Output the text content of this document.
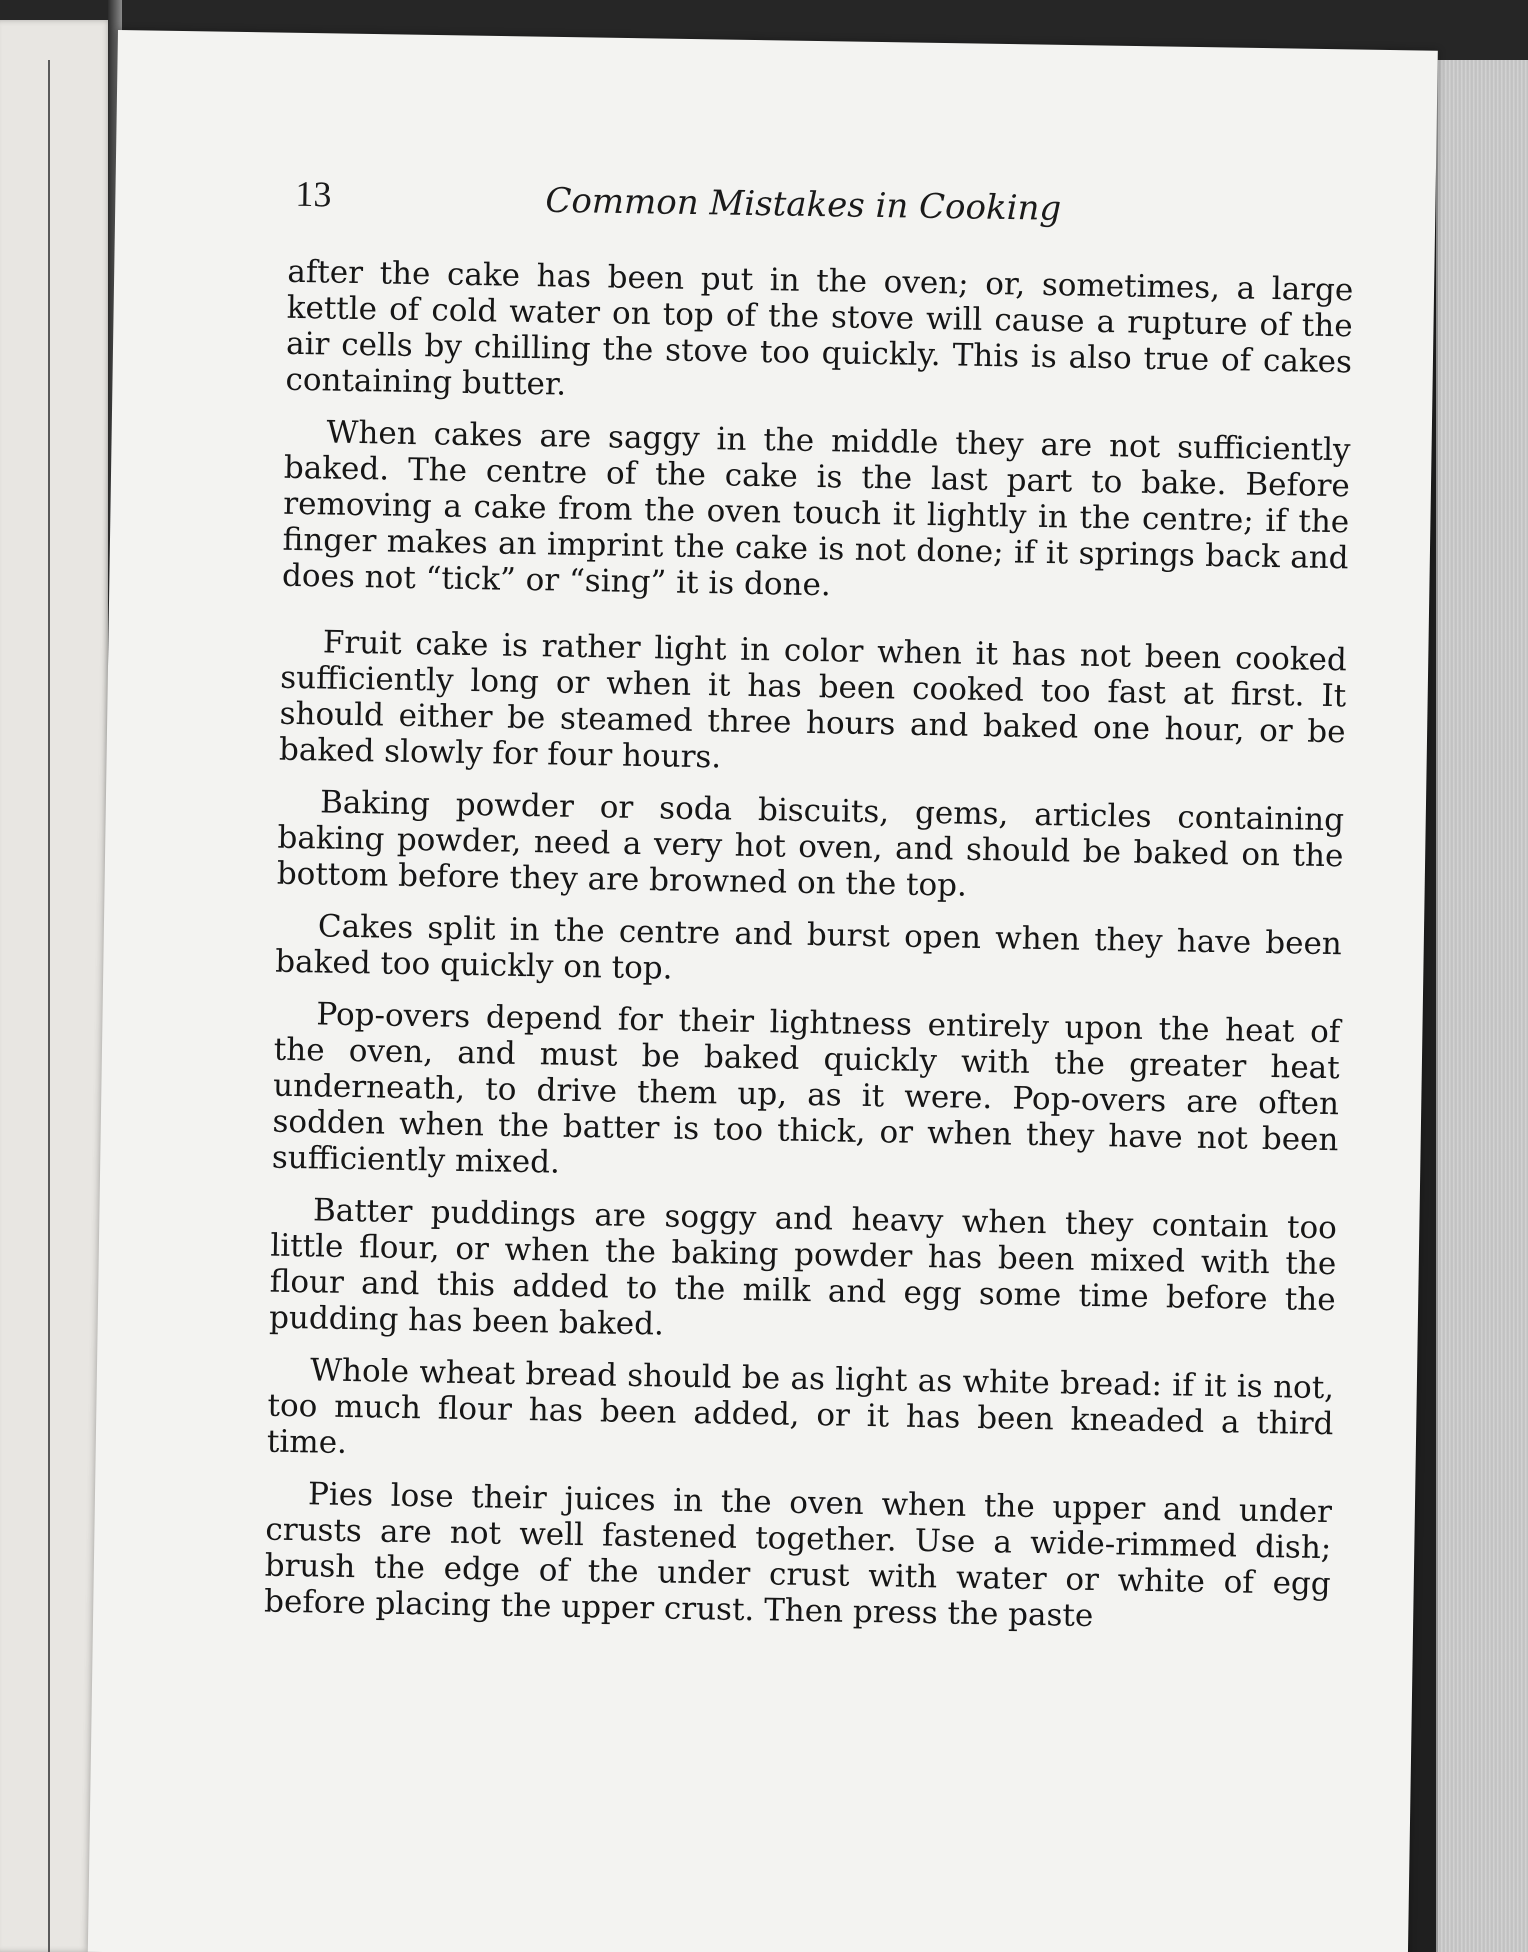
13	Common Mistakes in Cooking

after the cake has been put in the oven; or, sometimes, a large kettle of cold water on top of the stove will cause a rupture of the air cells by chilling the stove too quickly. This is also true of cakes containing butter.

When cakes are saggy in the middle they are not sufficiently baked. The centre of the cake is the last part to bake. Before removing a cake from the oven touch it lightly in the centre; if the finger makes an imprint the cake is not done; if it springs back and does not “tick” or “sing” it is done.

Fruit cake is rather light in color when it has not been cooked sufficiently long or when it has been cooked too fast at first. It should either be steamed three hours and baked one hour, or be baked slowly for four hours.

Baking powder or soda biscuits, gems, articles containing baking powder, need a very hot oven, and should be baked on the bottom before they are browned on the top.

Cakes split in the centre and burst open when they have been baked too quickly on top.

Pop-overs depend for their lightness entirely upon the heat of the oven, and must be baked quickly with the greater heat underneath, to drive them up, as it were. Pop-overs are often sodden when the batter is too thick, or when they have not been sufficiently mixed.

Batter puddings are soggy and heavy when they contain too little flour, or when the baking powder has been mixed with the flour and this added to the milk and egg some time before the pudding has been baked.

Whole wheat bread should be as light as white bread: if it is not, too much flour has been added, or it has been kneaded a third time.

Pies lose their juices in the oven when the upper and under crusts are not well fastened together. Use a wide-rimmed dish; brush the edge of the under crust with water or white of egg before placing the upper crust. Then press the paste
